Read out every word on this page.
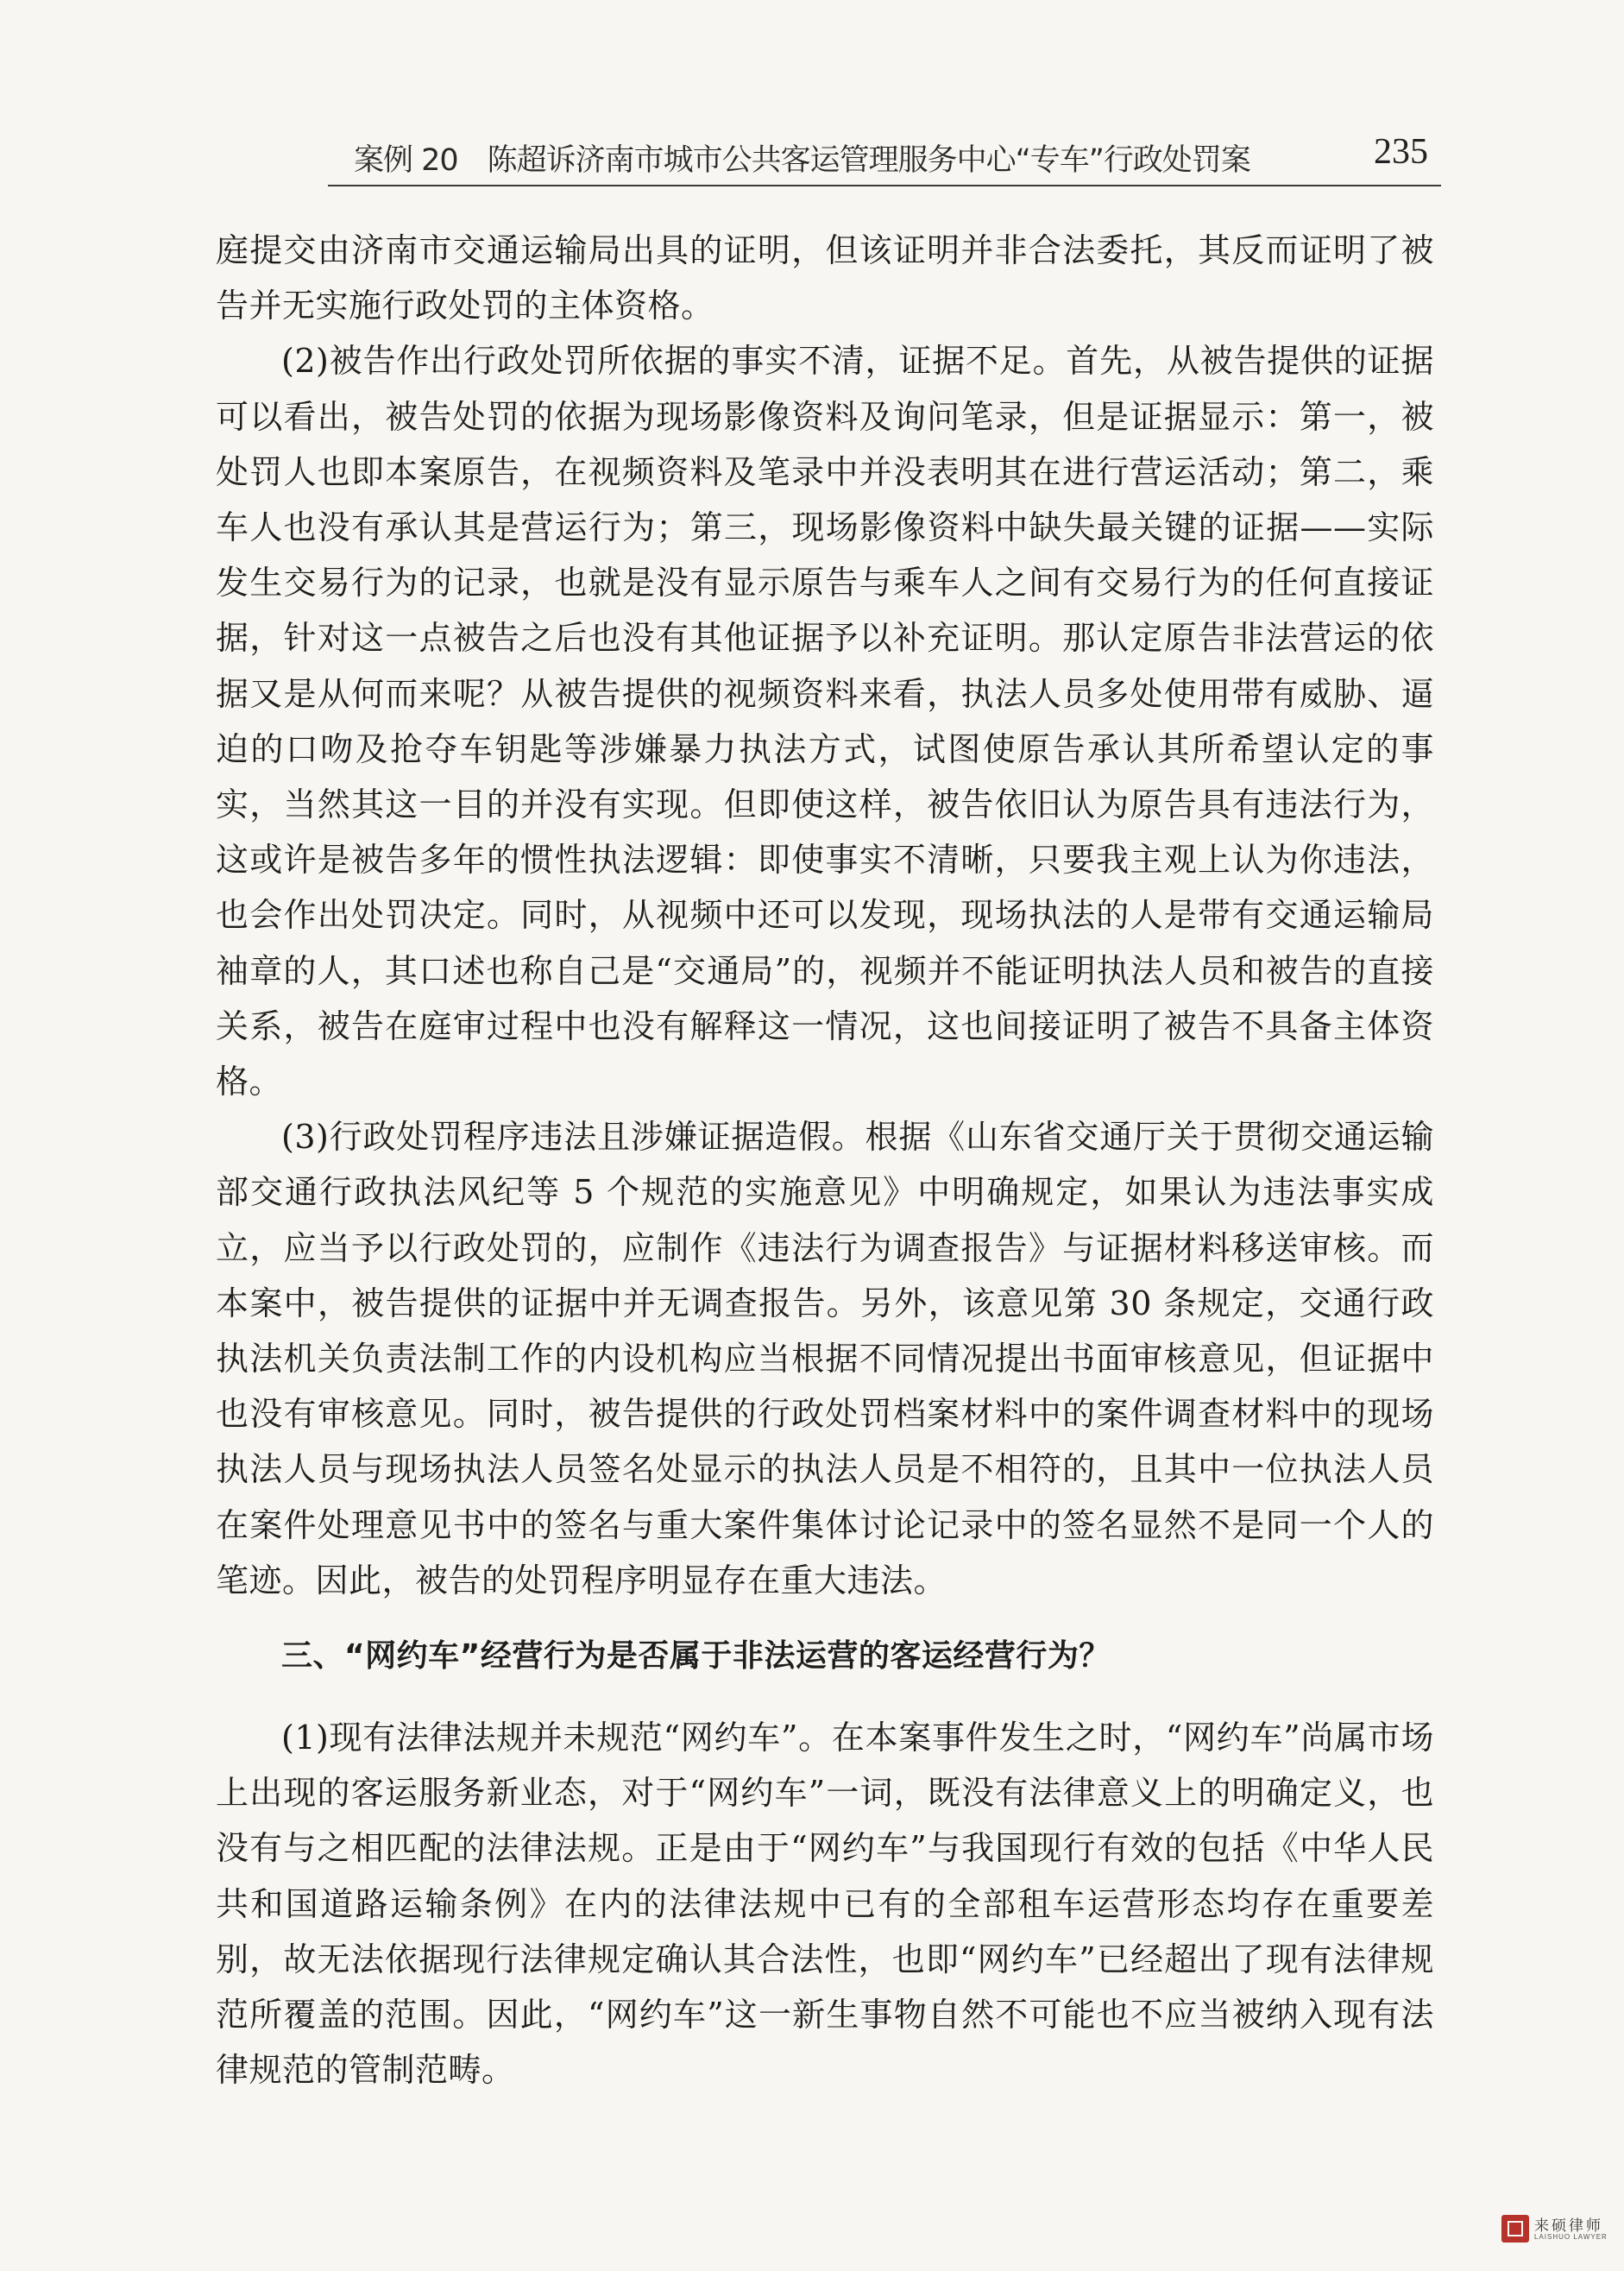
案例 20　陈超诉济南市城市公共客运管理服务中心“专车”行政处罚案	235

庭提交由济南市交通运输局出具的证明，但该证明并非合法委托，其反而证明了被告并无实施行政处罚的主体资格。

(2)被告作出行政处罚所依据的事实不清，证据不足。首先，从被告提供的证据可以看出，被告处罚的依据为现场影像资料及询问笔录，但是证据显示：第一，被处罚人也即本案原告，在视频资料及笔录中并没表明其在进行营运活动；第二，乘车人也没有承认其是营运行为；第三，现场影像资料中缺失最关键的证据——实际发生交易行为的记录，也就是没有显示原告与乘车人之间有交易行为的任何直接证据，针对这一点被告之后也没有其他证据予以补充证明。那认定原告非法营运的依据又是从何而来呢？从被告提供的视频资料来看，执法人员多处使用带有威胁、逼迫的口吻及抢夺车钥匙等涉嫌暴力执法方式，试图使原告承认其所希望认定的事实，当然其这一目的并没有实现。但即使这样，被告依旧认为原告具有违法行为，这或许是被告多年的惯性执法逻辑：即使事实不清晰，只要我主观上认为你违法，也会作出处罚决定。同时，从视频中还可以发现，现场执法的人是带有交通运输局袖章的人，其口述也称自己是“交通局”的，视频并不能证明执法人员和被告的直接关系，被告在庭审过程中也没有解释这一情况，这也间接证明了被告不具备主体资格。

(3)行政处罚程序违法且涉嫌证据造假。根据《山东省交通厅关于贯彻交通运输部交通行政执法风纪等 5 个规范的实施意见》中明确规定，如果认为违法事实成立，应当予以行政处罚的，应制作《违法行为调查报告》与证据材料移送审核。而本案中，被告提供的证据中并无调查报告。另外，该意见第 30 条规定，交通行政执法机关负责法制工作的内设机构应当根据不同情况提出书面审核意见，但证据中也没有审核意见。同时，被告提供的行政处罚档案材料中的案件调查材料中的现场执法人员与现场执法人员签名处显示的执法人员是不相符的，且其中一位执法人员在案件处理意见书中的签名与重大案件集体讨论记录中的签名显然不是同一个人的笔迹。因此，被告的处罚程序明显存在重大违法。

三、“网约车”经营行为是否属于非法运营的客运经营行为？

(1)现有法律法规并未规范“网约车”。在本案事件发生之时，“网约车”尚属市场上出现的客运服务新业态，对于“网约车”一词，既没有法律意义上的明确定义，也没有与之相匹配的法律法规。正是由于“网约车”与我国现行有效的包括《中华人民共和国道路运输条例》在内的法律法规中已有的全部租车运营形态均存在重要差别，故无法依据现行法律规定确认其合法性，也即“网约车”已经超出了现有法律规范所覆盖的范围。因此，“网约车”这一新生事物自然不可能也不应当被纳入现有法律规范的管制范畴。

来硕律师
LAISHUO LAWYER
